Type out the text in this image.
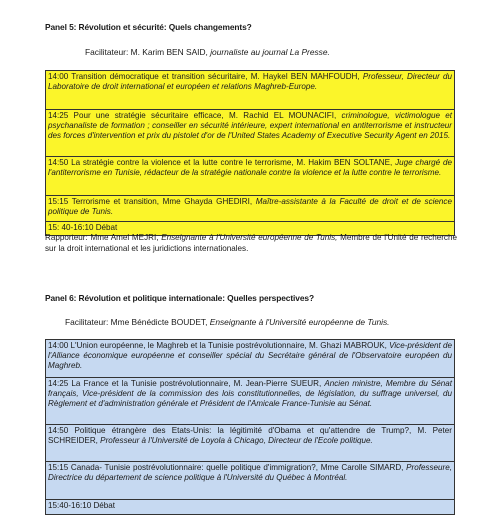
Panel 5: Révolution et sécurité: Quels changements?
Facilitateur: M. Karim BEN SAID, journaliste au journal La Presse.
14:00 Transition démocratique et transition sécuritaire, M. Haykel BEN MAHFOUDH, Professeur, Directeur du Laboratoire de droit international et européen et relations Maghreb-Europe.
14:25 Pour une stratégie sécuritaire efficace, M. Rachid EL MOUNACIFI, criminologue, victimologue et psychanaliste de formation ; conseiller en sécurité intérieure, expert international en antiterrorisme et instructeur des forces d'intervention et prix du pistolet d'or de l'United States Academy of Executive Security Agent en 2015.
14:50 La stratégie contre la violence et la lutte contre le terrorisme, M. Hakim BEN SOLTANE, Juge chargé de l'antiterrorisme en Tunisie, rédacteur de la stratégie nationale contre la violence et la lutte contre le terrorisme.
15:15 Terrorisme et transition, Mme Ghayda GHEDIRI, Maître-assistante à la Faculté de droit et de science politique de Tunis.
15: 40-16:10 Débat
Rapporteur: Mme Amel MEJRI, Enseignante à l'Université européenne de Tunis, Membre de l'Unité de recherche sur la droit international et les juridictions internationales.
Panel 6: Révolution et politique internationale: Quelles perspectives?
Facilitateur: Mme Bénédicte BOUDET, Enseignante à l'Université européenne de Tunis.
14:00 L'Union européenne, le Maghreb et la Tunisie postrévolutionnaire, M. Ghazi MABROUK, Vice-président de l'Alliance économique européenne et conseiller spécial du Secrétaire général de l'Observatoire européen du Maghreb.
14:25 La France et la Tunisie postrévolutionnaire, M. Jean-Pierre SUEUR, Ancien ministre, Membre du Sénat français, Vice-président de la commission des lois constitutionnelles, de législation, du suffrage universel, du Règlement et d'administration générale et Président de l'Amicale France-Tunisie au Sénat.
14:50 Politique étrangère des Etats-Unis: la légitimité d'Obama et qu'attendre de Trump?, M. Peter SCHREIDER, Professeur à l'Université de Loyola à Chicago, Directeur de l'Ecole politique.
15:15 Canada- Tunisie postrévolutionnaire: quelle politique d'immigration?, Mme Carolle SIMARD, Professeure, Directrice du département de science politique à l'Université du Québec à Montréal.
15:40-16:10 Débat
